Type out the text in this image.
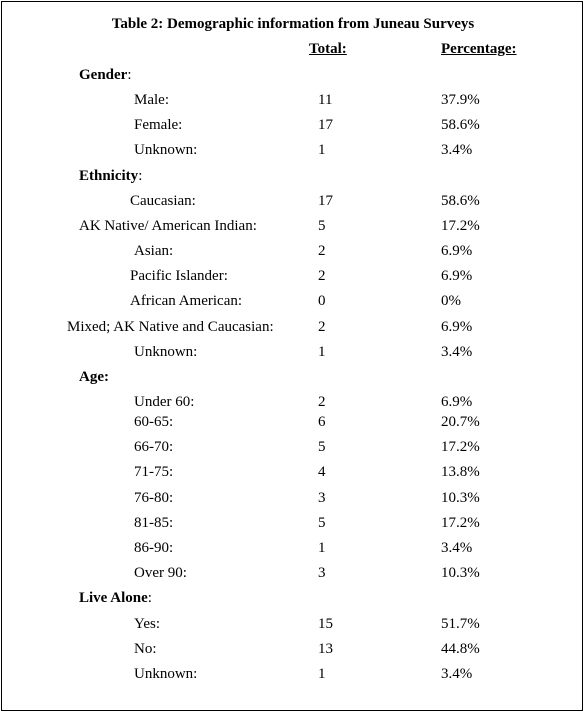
Table 2: Demographic information from Juneau Surveys
Total:	Percentage:
Gender:
Male:	11	37.9%
Female:	17	58.6%
Unknown:	1	3.4%
Ethnicity:
Caucasian:	17	58.6%
AK Native/ American Indian:	5	17.2%
Asian:	2	6.9%
Pacific Islander:	2	6.9%
African American:	0	0%
Mixed; AK Native and Caucasian:	2	6.9%
Unknown:	1	3.4%
Age:
Under 60:	2	6.9%
60-65:	6	20.7%
66-70:	5	17.2%
71-75:	4	13.8%
76-80:	3	10.3%
81-85:	5	17.2%
86-90:	1	3.4%
Over 90:	3	10.3%
Live Alone:
Yes:	15	51.7%
No:	13	44.8%
Unknown:	1	3.4%
